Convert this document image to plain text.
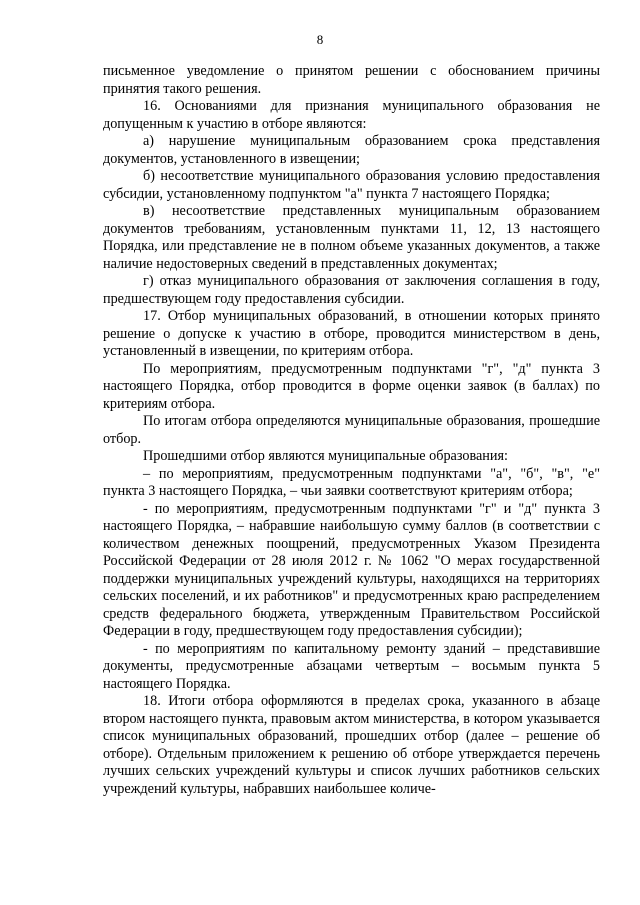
8

письменное уведомление о принятом решении с обоснованием причины принятия такого решения.

16. Основаниями для признания муниципального образования не допущенным к участию в отборе являются:

а) нарушение муниципальным образованием срока представления документов, установленного в извещении;

б) несоответствие муниципального образования условию предоставления субсидии, установленному подпунктом "а" пункта 7 настоящего Порядка;

в) несоответствие представленных муниципальным образованием документов требованиям, установленным пунктами 11, 12, 13 настоящего Порядка, или представление не в полном объеме указанных документов, а также наличие недостоверных сведений в представленных документах;

г) отказ муниципального образования от заключения соглашения в году, предшествующем году предоставления субсидии.

17. Отбор муниципальных образований, в отношении которых принято решение о допуске к участию в отборе, проводится министерством в день, установленный в извещении, по критериям отбора.

По мероприятиям, предусмотренным подпунктами "г", "д" пункта 3 настоящего Порядка, отбор проводится в форме оценки заявок (в баллах) по критериям отбора.

По итогам отбора определяются муниципальные образования, прошедшие отбор.

Прошедшими отбор являются муниципальные образования:

– по мероприятиям, предусмотренным подпунктами "а", "б", "в", "е" пункта 3 настоящего Порядка, – чьи заявки соответствуют критериям отбора;

- по мероприятиям, предусмотренным подпунктами "г" и "д" пункта 3 настоящего Порядка, – набравшие наибольшую сумму баллов (в соответствии с количеством денежных поощрений, предусмотренных Указом Президента Российской Федерации от 28 июля 2012 г. № 1062 "О мерах государственной поддержки муниципальных учреждений культуры, находящихся на территориях сельских поселений, и их работников" и предусмотренных краю распределением средств федерального бюджета, утвержденным Правительством Российской Федерации в году, предшествующем году предоставления субсидии);

- по мероприятиям по капитальному ремонту зданий – представившие документы, предусмотренные абзацами четвертым – восьмым пункта 5 настоящего Порядка.

18. Итоги отбора оформляются в пределах срока, указанного в абзаце втором настоящего пункта, правовым актом министерства, в котором указывается список муниципальных образований, прошедших отбор (далее – решение об отборе). Отдельным приложением к решению об отборе утверждается перечень лучших сельских учреждений культуры и список лучших работников сельских учреждений культуры, набравших наибольшее количе-
